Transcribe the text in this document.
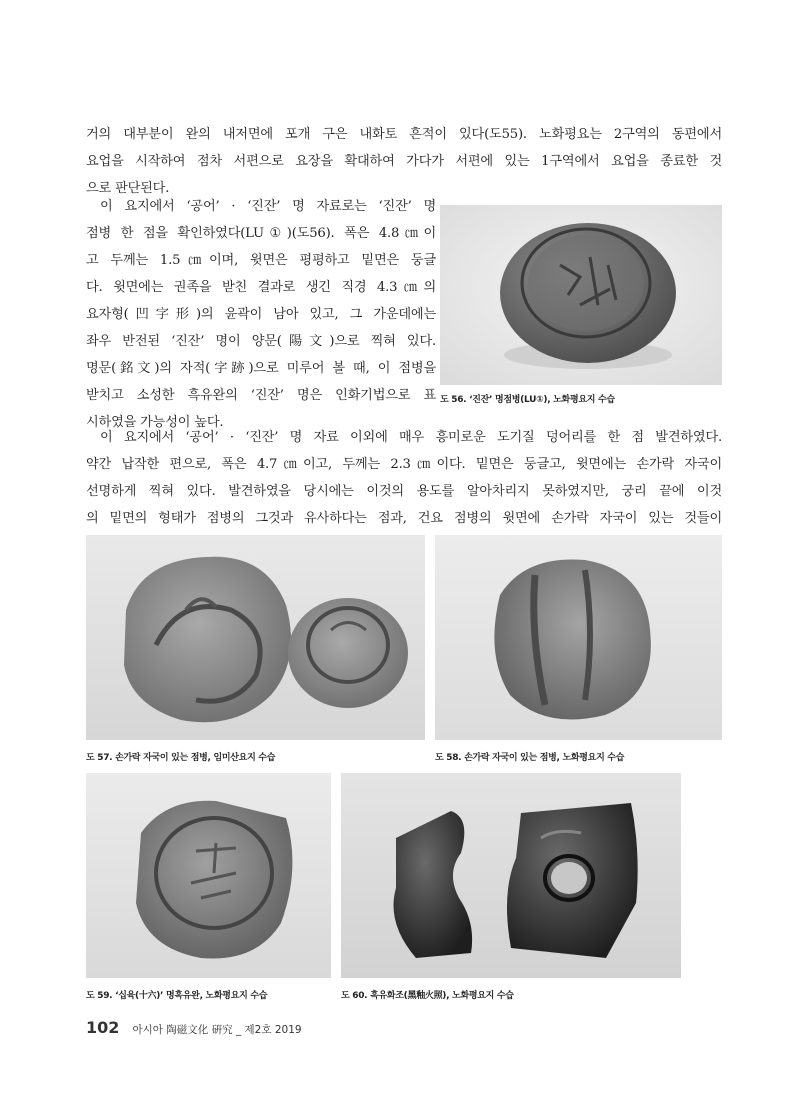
거의 대부분이 완의 내저면에 포개 구은 내화토 흔적이 있다(도55). 노화평요는 2구역의 동편에서
요업을 시작하여 점차 서편으로 요장을 확대하여 가다가 서편에 있는 1구역에서 요업을 종료한 것
으로 판단된다.
이 요지에서 ‘공어’ · ‘진잔’ 명 자료로는 ‘진잔’ 명
점병 한 점을 확인하였다(LU①)(도56). 폭은 4.8㎝이
고 두께는 1.5㎝이며, 윗면은 평평하고 밑면은 둥글
다. 윗면에는 권족을 받친 결과로 생긴 직경 4.3㎝의
요자형(凹字形)의 윤곽이 남아 있고, 그 가운데에는
좌우 반전된 ‘진잔’ 명이 양문(陽文)으로 찍혀 있다.
명문(銘文)의 자적(字跡)으로 미루어 볼 때, 이 점병을
받치고 소성한 흑유완의 ‘진잔’ 명은 인화기법으로 표
시하였을 가능성이 높다.
도 56. ‘진잔’ 명점병(LU①), 노화평요지 수습
이 요지에서 ‘공어’ · ‘진잔’ 명 자료 이외에 매우 흥미로운 도기질 덩어리를 한 점 발견하였다.
약간 납작한 편으로, 폭은 4.7㎝이고, 두께는 2.3㎝이다. 밑면은 둥글고, 윗면에는 손가락 자국이
선명하게 찍혀 있다. 발견하였을 당시에는 이것의 용도를 알아차리지 못하였지만, 궁리 끝에 이것
의 밑면의 형태가 점병의 그것과 유사하다는 점과, 건요 점병의 윗면에 손가락 자국이 있는 것들이
도 57. 손가락 자국이 있는 점병, 임미산요지 수습	도 58. 손가락 자국이 있는 점병, 노화평요지 수습
도 59. ‘십육(十六)’ 명흑유완, 노화평요지 수습	도 60. 흑유화조(黑釉火照), 노화평요지 수습
102 아시아 陶磁文化 硏究 _ 제2호 2019
